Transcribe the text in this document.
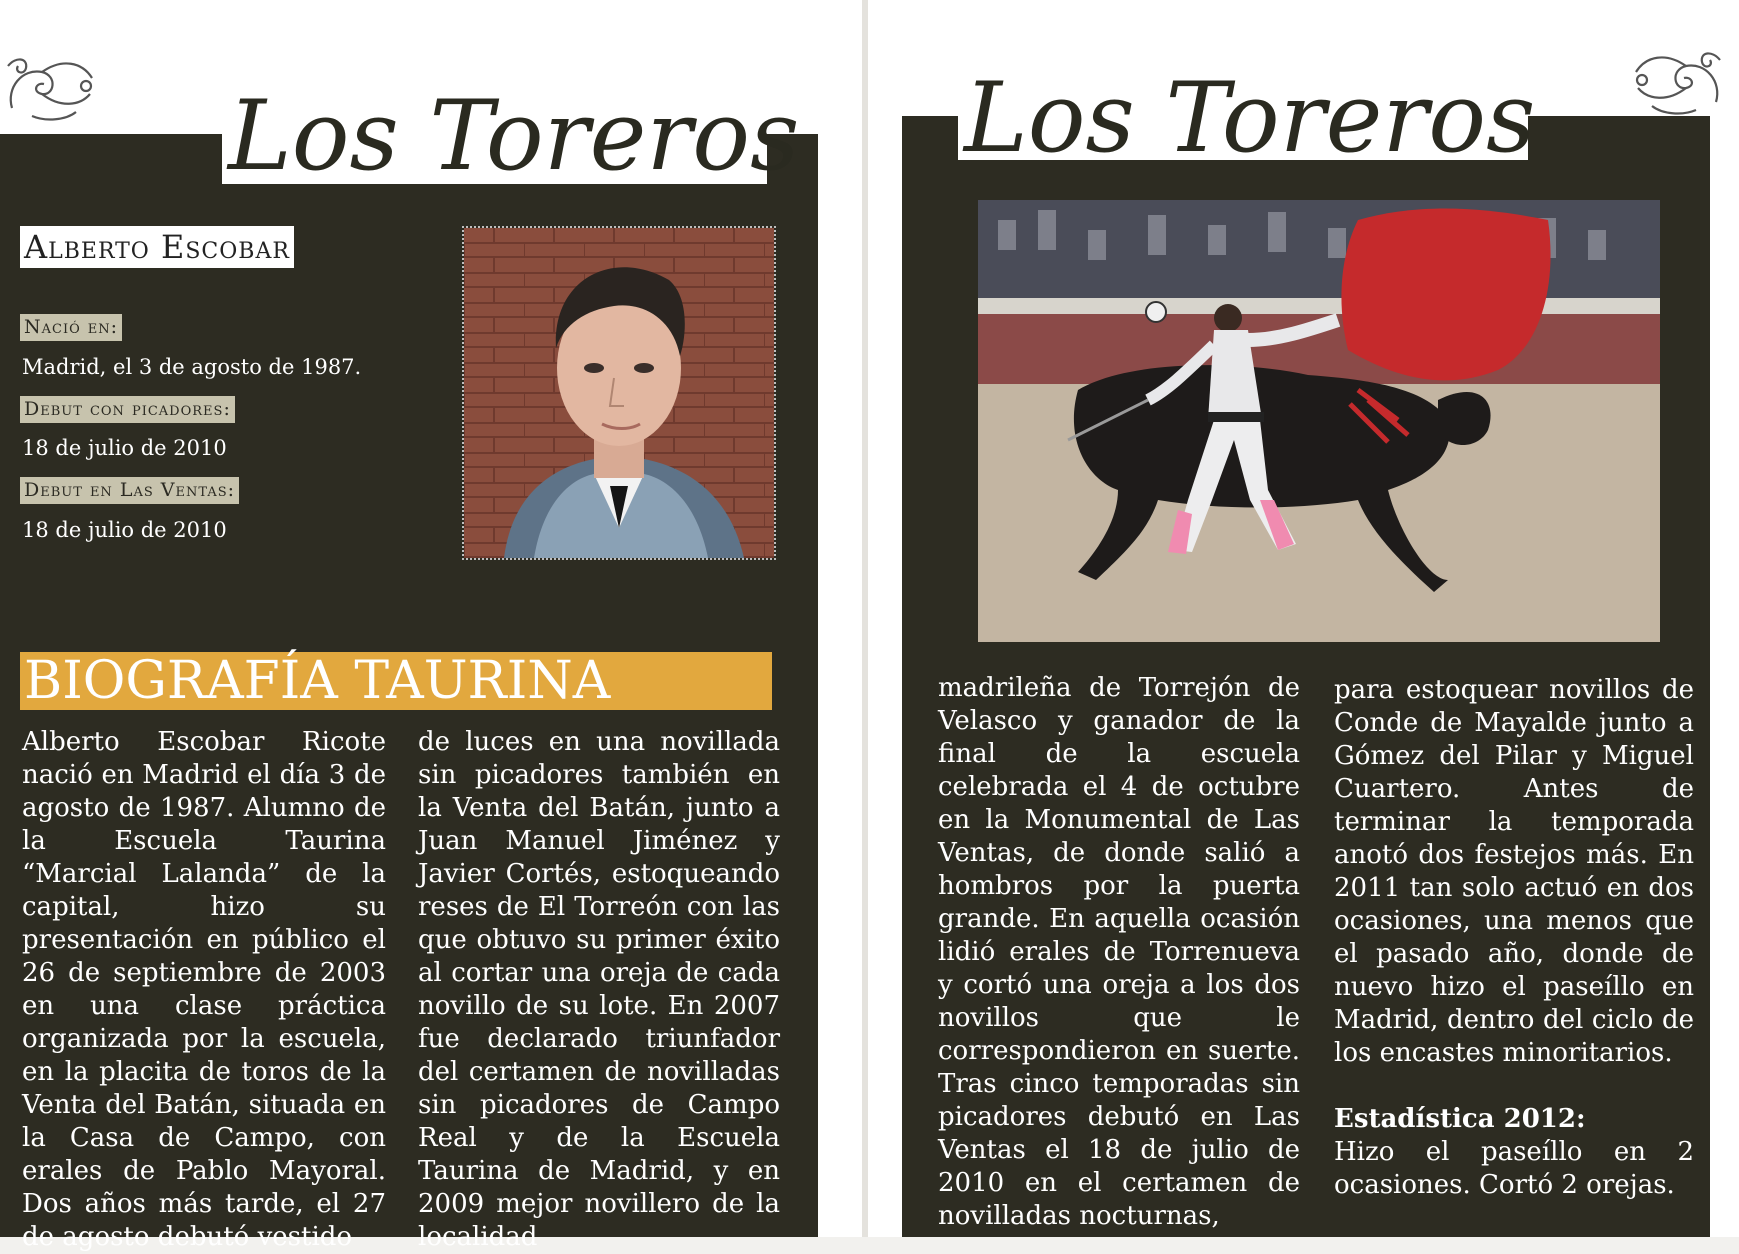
Los Toreros Los Toreros
Alberto Escobar
Nació en:
Madrid, el 3 de agosto de 1987.
Debut con picadores:
18 de julio de 2010
Debut en Las Ventas:
18 de julio de 2010
BIOGRAFÍA TAURINA

Alberto Escobar Ricote nació en Madrid el día 3 de agosto de 1987. Alumno de la Escuela Taurina “Marcial Lalanda” de la capital, hizo su presentación en público el 26 de septiembre de 2003 en una clase práctica organizada por la escuela, en la placita de toros de la Venta del Batán, situada en la Casa de Campo, con erales de Pablo Mayoral. Dos años más tarde, el 27 de agosto debutó vestido

de luces en una novillada sin picadores también en la Venta del Batán, junto a Juan Manuel Jiménez y Javier Cortés, estoqueando reses de El Torreón con las que obtuvo su primer éxito al cortar una oreja de cada novillo de su lote. En 2007 fue declarado triunfador del certamen de novilladas sin picadores de Campo Real y de la Escuela Taurina de Madrid, y en 2009 mejor novillero de la localidad

madrileña de Torrejón de Velasco y ganador de la final de la escuela celebrada el 4 de octubre en la Monumental de Las Ventas, de donde salió a hombros por la puerta grande. En aquella ocasión lidió erales de Torrenueva y cortó una oreja a los dos novillos que le correspondieron en suerte. Tras cinco temporadas sin picadores debutó en Las Ventas el 18 de julio de 2010 en el certamen de novilladas nocturnas,

para estoquear novillos de Conde de Mayalde junto a Gómez del Pilar y Miguel Cuartero. Antes de terminar la temporada anotó dos festejos más. En 2011 tan solo actuó en dos ocasiones, una menos que el pasado año, donde de nuevo hizo el paseíllo en Madrid, dentro del ciclo de los encastes minoritarios.

Estadística 2012:

Hizo el paseíllo en 2 ocasiones. Cortó 2 orejas.
